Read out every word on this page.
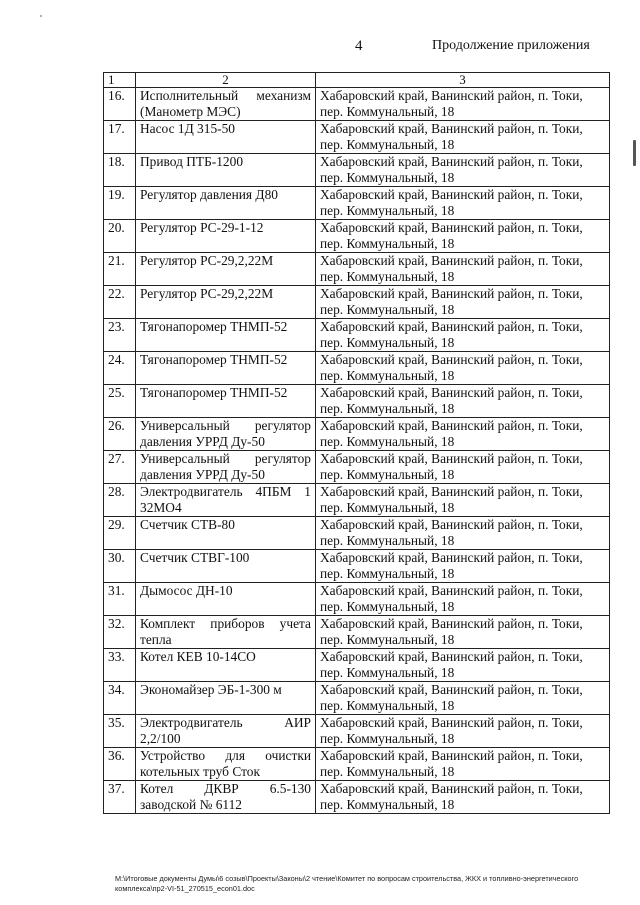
4	Продолжение приложения
1	2	3
16.	Исполнительный механизм (Манометр МЭС)	Хабаровский край, Ванинский район, п. Токи, пер. Коммунальный, 18
17.	Насос 1Д 315-50	Хабаровский край, Ванинский район, п. Токи, пер. Коммунальный, 18
18.	Привод ПТБ-1200	Хабаровский край, Ванинский район, п. Токи, пер. Коммунальный, 18
19.	Регулятор давления Д80	Хабаровский край, Ванинский район, п. Токи, пер. Коммунальный, 18
20.	Регулятор РС-29-1-12	Хабаровский край, Ванинский район, п. Токи, пер. Коммунальный, 18
21.	Регулятор РС-29,2,22М	Хабаровский край, Ванинский район, п. Токи, пер. Коммунальный, 18
22.	Регулятор РС-29,2,22М	Хабаровский край, Ванинский район, п. Токи, пер. Коммунальный, 18
23.	Тягонапоромер ТНМП-52	Хабаровский край, Ванинский район, п. Токи, пер. Коммунальный, 18
24.	Тягонапоромер ТНМП-52	Хабаровский край, Ванинский район, п. Токи, пер. Коммунальный, 18
25.	Тягонапоромер ТНМП-52	Хабаровский край, Ванинский район, п. Токи, пер. Коммунальный, 18
26.	Универсальный регулятор давления УРРД Ду-50	Хабаровский край, Ванинский район, п. Токи, пер. Коммунальный, 18
27.	Универсальный регулятор давления УРРД Ду-50	Хабаровский край, Ванинский район, п. Токи, пер. Коммунальный, 18
28.	Электродвигатель 4ПБМ 1 32МО4	Хабаровский край, Ванинский район, п. Токи, пер. Коммунальный, 18
29.	Счетчик СТВ-80	Хабаровский край, Ванинский район, п. Токи, пер. Коммунальный, 18
30.	Счетчик СТВГ-100	Хабаровский край, Ванинский район, п. Токи, пер. Коммунальный, 18
31.	Дымосос ДН-10	Хабаровский край, Ванинский район, п. Токи, пер. Коммунальный, 18
32.	Комплект приборов учета тепла	Хабаровский край, Ванинский район, п. Токи, пер. Коммунальный, 18
33.	Котел КЕВ 10-14СО	Хабаровский край, Ванинский район, п. Токи, пер. Коммунальный, 18
34.	Экономайзер ЭБ-1-300 м	Хабаровский край, Ванинский район, п. Токи, пер. Коммунальный, 18
35.	Электродвигатель АИР 2,2/100	Хабаровский край, Ванинский район, п. Токи, пер. Коммунальный, 18
36.	Устройство для очистки котельных труб Сток	Хабаровский край, Ванинский район, п. Токи, пер. Коммунальный, 18
37.	Котел ДКВР 6.5-130 заводской № 6112	Хабаровский край, Ванинский район, п. Токи, пер. Коммунальный, 18
М:\Итоговые документы Думы\6 созыв\Проекты\Законы\2 чтение\Комитет по вопросам строительства, ЖКХ и топливно-энергетического комплекса\пр2-VI-51_270515_econ01.doc
